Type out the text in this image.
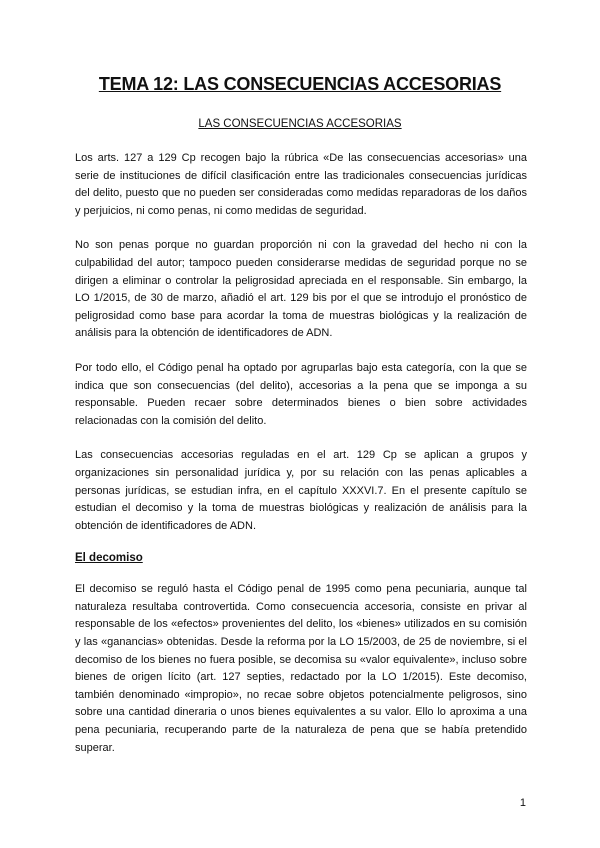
TEMA 12: LAS CONSECUENCIAS ACCESORIAS

LAS CONSECUENCIAS ACCESORIAS

Los arts. 127 a 129 Cp recogen bajo la rúbrica «De las consecuencias accesorias» una serie de instituciones de difícil clasificación entre las tradicionales consecuencias jurídicas del delito, puesto que no pueden ser consideradas como medidas reparadoras de los daños y perjuicios, ni como penas, ni como medidas de seguridad.

No son penas porque no guardan proporción ni con la gravedad del hecho ni con la culpabilidad del autor; tampoco pueden considerarse medidas de seguridad porque no se dirigen a eliminar o controlar la peligrosidad apreciada en el responsable. Sin embargo, la LO 1/2015, de 30 de marzo, añadió el art. 129 bis por el que se introdujo el pronóstico de peligrosidad como base para acordar la toma de muestras biológicas y la realización de análisis para la obtención de identificadores de ADN.

Por todo ello, el Código penal ha optado por agruparlas bajo esta categoría, con la que se indica que son consecuencias (del delito), accesorias a la pena que se imponga a su responsable. Pueden recaer sobre determinados bienes o bien sobre actividades relacionadas con la comisión del delito.

Las consecuencias accesorias reguladas en el art. 129 Cp se aplican a grupos y organizaciones sin personalidad jurídica y, por su relación con las penas aplicables a personas jurídicas, se estudian infra, en el capítulo XXXVI.7. En el presente capítulo se estudian el decomiso y la toma de muestras biológicas y realización de análisis para la obtención de identificadores de ADN.

El decomiso

El decomiso se reguló hasta el Código penal de 1995 como pena pecuniaria, aunque tal naturaleza resultaba controvertida. Como consecuencia accesoria, consiste en privar al responsable de los «efectos» provenientes del delito, los «bienes» utilizados en su comisión y las «ganancias» obtenidas. Desde la reforma por la LO 15/2003, de 25 de noviembre, si el decomiso de los bienes no fuera posible, se decomisa su «valor equivalente», incluso sobre bienes de origen lícito (art. 127 septies, redactado por la LO 1/2015). Este decomiso, también denominado «impropio», no recae sobre objetos potencialmente peligrosos, sino sobre una cantidad dineraria o unos bienes equivalentes a su valor. Ello lo aproxima a una pena pecuniaria, recuperando parte de la naturaleza de pena que se había pretendido superar.

1
